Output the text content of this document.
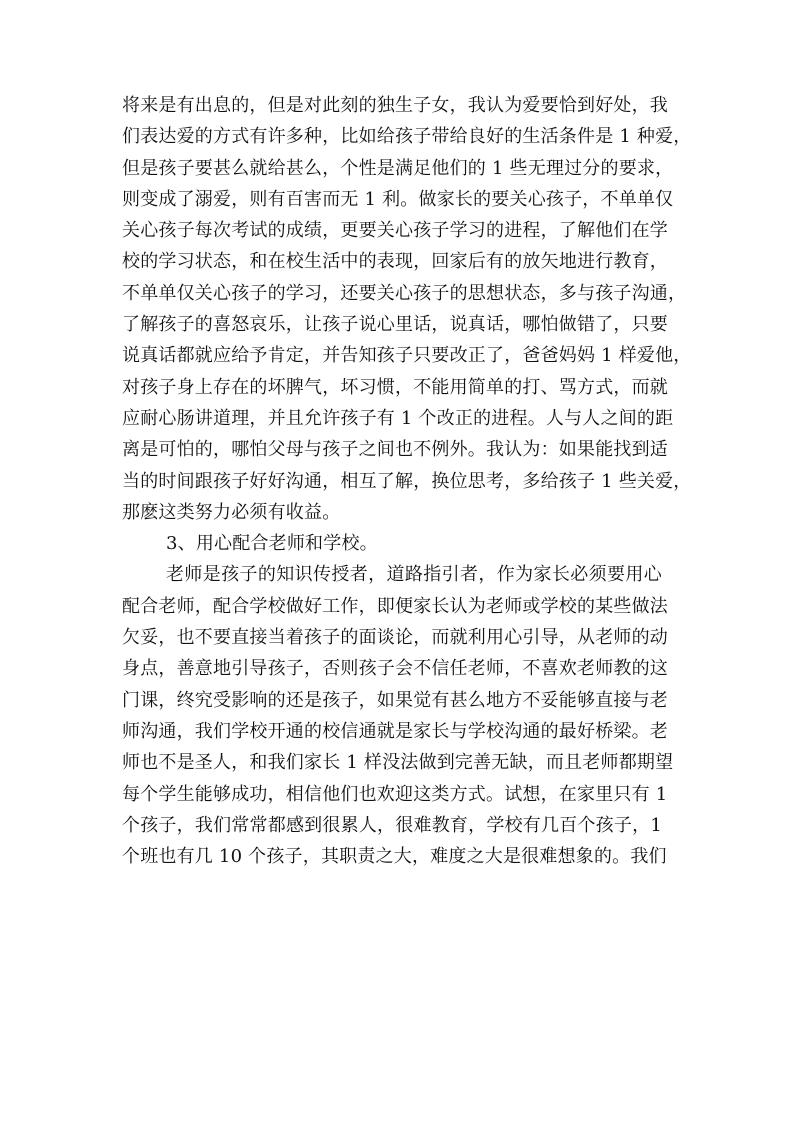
将来是有出息的，但是对此刻的独生子女，我认为爱要恰到好处，我
们表达爱的方式有许多种，比如给孩子带给良好的生活条件是 1 种爱，
但是孩子要甚么就给甚么，个性是满足他们的 1 些无理过分的要求，
则变成了溺爱，则有百害而无 1 利。做家长的要关心孩子，不单单仅
关心孩子每次考试的成绩，更要关心孩子学习的进程，了解他们在学
校的学习状态，和在校生活中的表现，回家后有的放矢地进行教育，
不单单仅关心孩子的学习，还要关心孩子的思想状态，多与孩子沟通，
了解孩子的喜怒哀乐，让孩子说心里话，说真话，哪怕做错了，只要
说真话都就应给予肯定，并告知孩子只要改正了，爸爸妈妈 1 样爱他，
对孩子身上存在的坏脾气，坏习惯，不能用简单的打、骂方式，而就
应耐心肠讲道理，并且允许孩子有 1 个改正的进程。人与人之间的距
离是可怕的，哪怕父母与孩子之间也不例外。我认为：如果能找到适
当的时间跟孩子好好沟通，相互了解，换位思考，多给孩子 1 些关爱，
那麽这类努力必须有收益。
3、用心配合老师和学校。
老师是孩子的知识传授者，道路指引者，作为家长必须要用心
配合老师，配合学校做好工作，即便家长认为老师或学校的某些做法
欠妥，也不要直接当着孩子的面谈论，而就利用心引导，从老师的动
身点，善意地引导孩子，否则孩子会不信任老师，不喜欢老师教的这
门课，终究受影响的还是孩子，如果觉有甚么地方不妥能够直接与老
师沟通，我们学校开通的校信通就是家长与学校沟通的最好桥梁。老
师也不是圣人，和我们家长 1 样没法做到完善无缺，而且老师都期望
每个学生能够成功，相信他们也欢迎这类方式。试想，在家里只有 1
个孩子，我们常常都感到很累人，很难教育，学校有几百个孩子，1
个班也有几 10 个孩子，其职责之大，难度之大是很难想象的。我们
